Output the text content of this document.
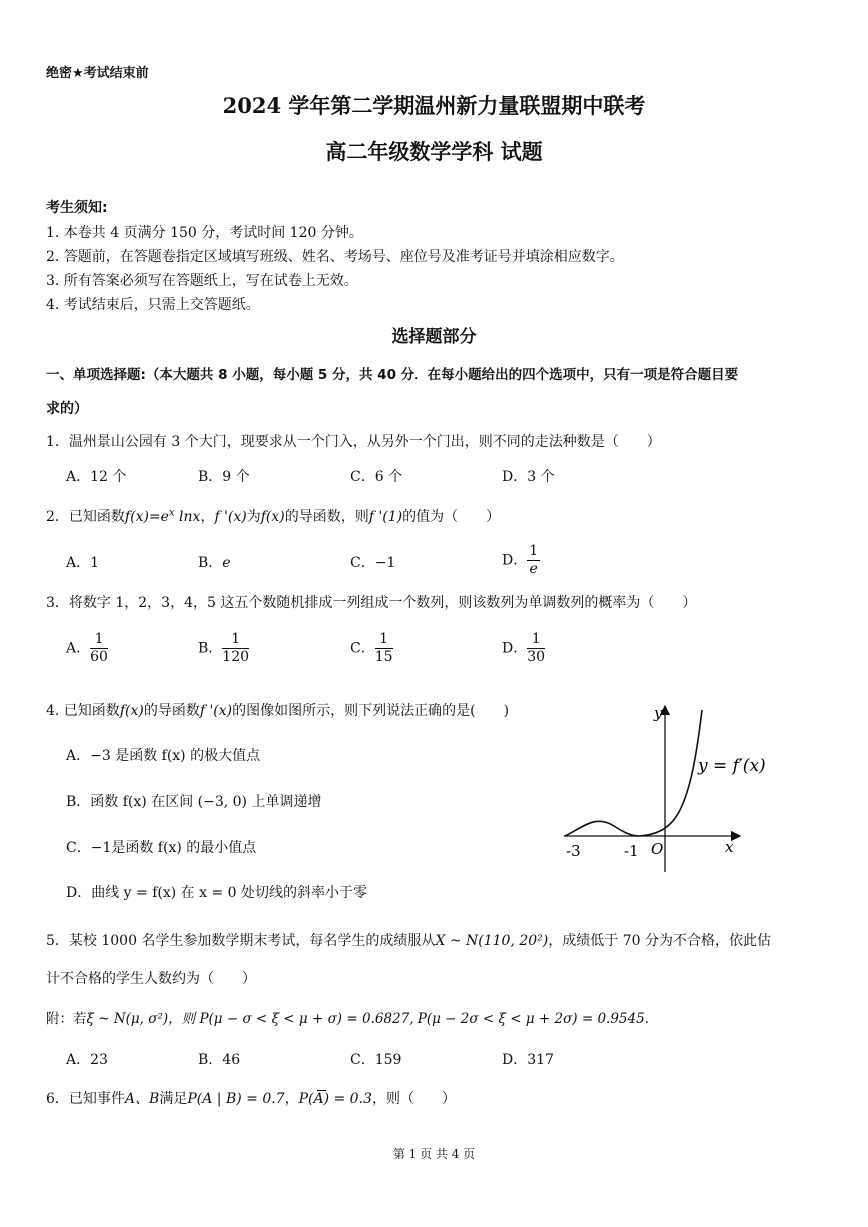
绝密★考试结束前
2024 学年第二学期温州新力量联盟期中联考
高二年级数学学科 试题
考生须知:
1. 本卷共 4 页满分 150 分，考试时间 120 分钟。
2. 答题前，在答题卷指定区域填写班级、姓名、考场号、座位号及准考证号并填涂相应数字。
3. 所有答案必须写在答题纸上，写在试卷上无效。
4. 考试结束后，只需上交答题纸。
选择题部分
一、单项选择题:（本大题共 8 小题，每小题 5 分，共 40 分．在每小题给出的四个选项中，只有一项是符合题目要
求的）
1．温州景山公园有 3 个大门，现要求从一个门入，从另外一个门出，则不同的走法种数是（　　）
A．12 个	B．9 个	C．6 个	D．3 个
2．已知函数$f(x)=e^x$ lnx，f '(x)为f(x)的导函数，则f '(1)的值为（　　）
A．1	B．e	C．−1	D． $\frac{1}{e}$
3．将数字 1，2，3，4，5 这五个数随机排成一列组成一个数列，则该数列为单调数列的概率为（　　）
A． $\frac{1}{60}$	B． $\frac{1}{120}$	C． $\frac{1}{15}$	D． $\frac{1}{30}$
4. 已知函数f(x)的导函数f '(x)的图像如图所示，则下列说法正确的是(　　)
A．−3 是函数 f(x) 的极大值点
B．函数 f(x) 在区间 (−3, 0) 上单调递增
C．−1是函数 f(x) 的最小值点
D．曲线 y = f(x) 在 x = 0 处切线的斜率小于零
y
x
y = f′(x)
O
-3	-1
5．某校 1000 名学生参加数学期末考试，每名学生的成绩服从X ~ N(110, 20²)，成绩低于 70 分为不合格，依此估
计不合格的学生人数约为（　　）
附：若ξ ~ N(μ, σ²)，则 P(μ − σ < ξ < μ + σ) = 0.6827, P(μ − 2σ < ξ < μ + 2σ) = 0.9545.
A．23	B．46	C．159	D．317
6．已知事件A、B满足P(A | B) = 0.7，P(A) = 0.3
，则（　　）
第 1 页 共 4 页
